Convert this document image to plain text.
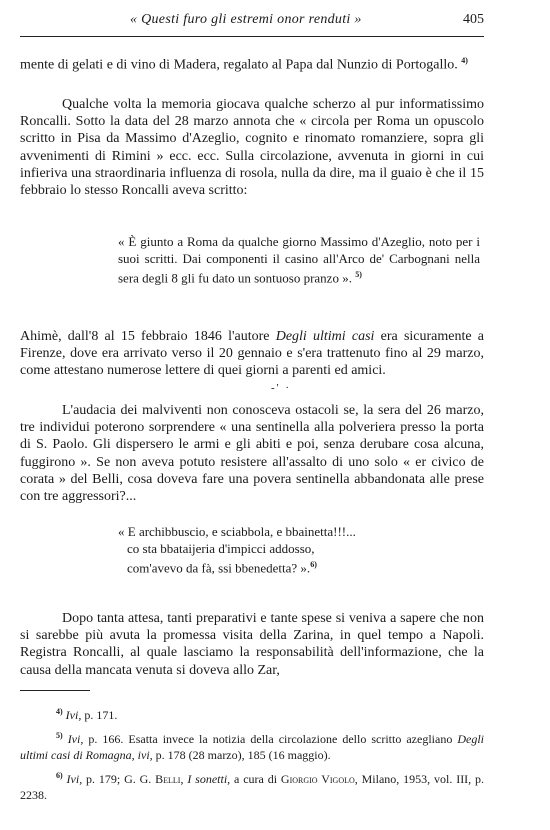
« Questi furo gli estremi onor renduti »	405
mente di gelati e di vino di Madera, regalato al Papa dal Nunzio di Portogallo. $^{4)}$
Qualche volta la memoria giocava qualche scherzo al pur informatissimo Roncalli. Sotto la data del 28 marzo annota che « circola per Roma un opuscolo scritto in Pisa da Massimo d'Azeglio, cognito e rinomato romanziere, sopra gli avvenimenti di Rimini » ecc. ecc. Sulla circolazione, avvenuta in giorni in cui infieriva una straordinaria influenza di rosola, nulla da dire, ma il guaio è che il 15 febbraio lo stesso Roncalli aveva scritto:
« È giunto a Roma da qualche giorno Massimo d'Azeglio, noto per i suoi scritti. Dai componenti il casino all'Arco de' Carbognani nella sera degli 8 gli fu dato un sontuoso pranzo ». $^{5)}$
Ahimè, dall'8 al 15 febbraio 1846 l'autore Degli ultimi casi era sicuramente a Firenze, dove era arrivato verso il 20 gennaio e s'era trattenuto fino al 29 marzo, come attestano numerose lettere di quei giorni a parenti ed amici.
-' ·
L'audacia dei malviventi non conosceva ostacoli se, la sera del 26 marzo, tre individui poterono sorprendere « una sentinella alla polveriera presso la porta di S. Paolo. Gli dispersero le armi e gli abiti e poi, senza derubare cosa alcuna, fuggirono ». Se non aveva potuto resistere all'assalto di uno solo « er civico de corata » del Belli, cosa doveva fare una povera sentinella abbandonata alle prese con tre aggressori?...
« E archibbuscio, e sciabbola, e bbainetta!!!...
co sta bbataijeria d'impicci addosso,
com'avevo da fà, ssi bbenedetta? ».$^{6)}$
Dopo tanta attesa, tanti preparativi e tante spese si veniva a sapere che non si sarebbe più avuta la promessa visita della Zarina, in quel tempo a Napoli. Registra Roncalli, al quale lasciamo la responsabilità dell'informazione, che la causa della mancata venuta si doveva allo Zar,
$^{4)}$ Ivi, p. 171.
$^{5)}$ Ivi, p. 166. Esatta invece la notizia della circolazione dello scritto azegliano Degli ultimi casi di Romagna, ivi, p. 178 (28 marzo), 185 (16 maggio).
$^{6)}$ Ivi, p. 179; G. G. Belli, I sonetti, a cura di Giorgio Vigolo, Milano, 1953, vol. III, p. 2238.
